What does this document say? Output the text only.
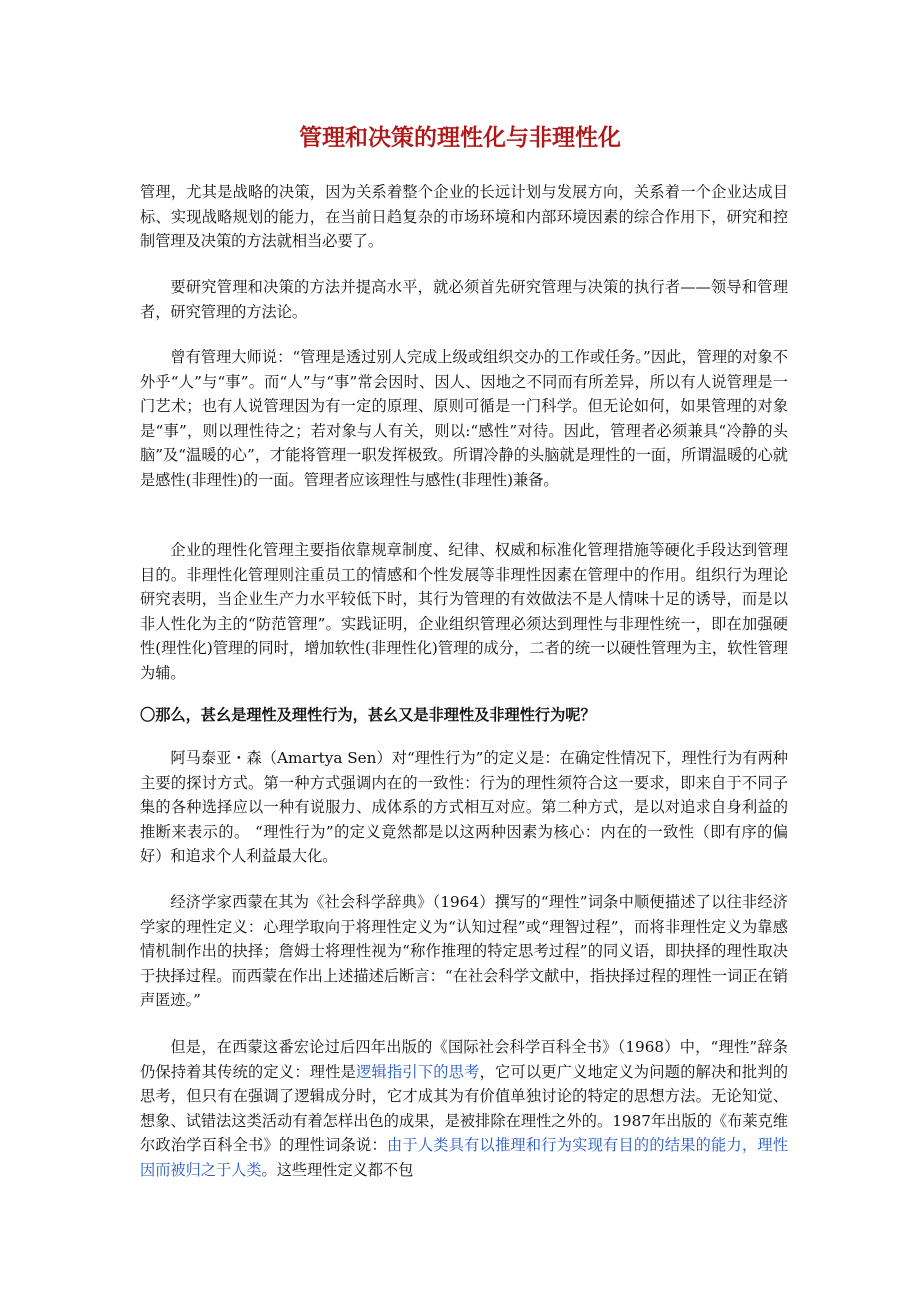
管理和决策的理性化与非理性化

管理，尤其是战略的决策，因为关系着整个企业的长远计划与发展方向，关系着一个企业达成目标、实现战略规划的能力，在当前日趋复杂的市场环境和内部环境因素的综合作用下，研究和控制管理及决策的方法就相当必要了。

要研究管理和决策的方法并提高水平，就必须首先研究管理与决策的执行者——领导和管理者，研究管理的方法论。

曾有管理大师说：“管理是透过别人完成上级或组织交办的工作或任务。”因此，管理的对象不外乎“人”与“事”。而“人”与“事”常会因时、因人、因地之不同而有所差异，所以有人说管理是一门艺术；也有人说管理因为有一定的原理、原则可循是一门科学。但无论如何，如果管理的对象是“事”，则以理性待之；若对象与人有关，则以:“感性”对待。因此，管理者必须兼具“冷静的头脑”及“温暖的心”，才能将管理一职发挥极致。所谓冷静的头脑就是理性的一面，所谓温暖的心就是感性(非理性)的一面。管理者应该理性与感性(非理性)兼备。

企业的理性化管理主要指依靠规章制度、纪律、权威和标准化管理措施等硬化手段达到管理目的。非理性化管理则注重员工的情感和个性发展等非理性因素在管理中的作用。组织行为理论研究表明，当企业生产力水平较低下时，其行为管理的有效做法不是人情味十足的诱导，而是以非人性化为主的“防范管理”。实践证明，企业组织管理必须达到理性与非理性统一，即在加强硬性(理性化)管理的同时，增加软性(非理性化)管理的成分，二者的统一以硬性管理为主，软性管理为辅。

〇那么，甚幺是理性及理性行为，甚幺又是非理性及非理性行为呢？

阿马泰亚・森（Amartya Sen）对“理性行为”的定义是：在确定性情况下，理性行为有两种主要的探讨方式。第一种方式强调内在的一致性：行为的理性须符合这一要求，即来自于不同子集的各种选择应以一种有说服力、成体系的方式相互对应。第二种方式，是以对追求自身利益的推断来表示的。 “理性行为”的定义竟然都是以这两种因素为核心：内在的一致性（即有序的偏好）和追求个人利益最大化。

经济学家西蒙在其为《社会科学辞典》（1964）撰写的“理性”词条中顺便描述了以往非经济学家的理性定义：心理学取向于将理性定义为“认知过程”或“理智过程”，而将非理性定义为靠感情机制作出的抉择；詹姆士将理性视为“称作推理的特定思考过程”的同义语，即抉择的理性取决于抉择过程。而西蒙在作出上述描述后断言：“在社会科学文献中，指抉择过程的理性一词正在销声匿迹。”

但是，在西蒙这番宏论过后四年出版的《国际社会科学百科全书》（1968）中，“理性”辞条仍保持着其传统的定义：理性是逻辑指引下的思考，它可以更广义地定义为问题的解决和批判的思考，但只有在强调了逻辑成分时，它才成其为有价值单独讨论的特定的思想方法。无论知觉、想象、试错法这类活动有着怎样出色的成果，是被排除在理性之外的。1987年出版的《布莱克维尔政治学百科全书》的理性词条说：由于人类具有以推理和行为实现有目的的结果的能力，理性因而被归之于人类。这些理性定义都不包
